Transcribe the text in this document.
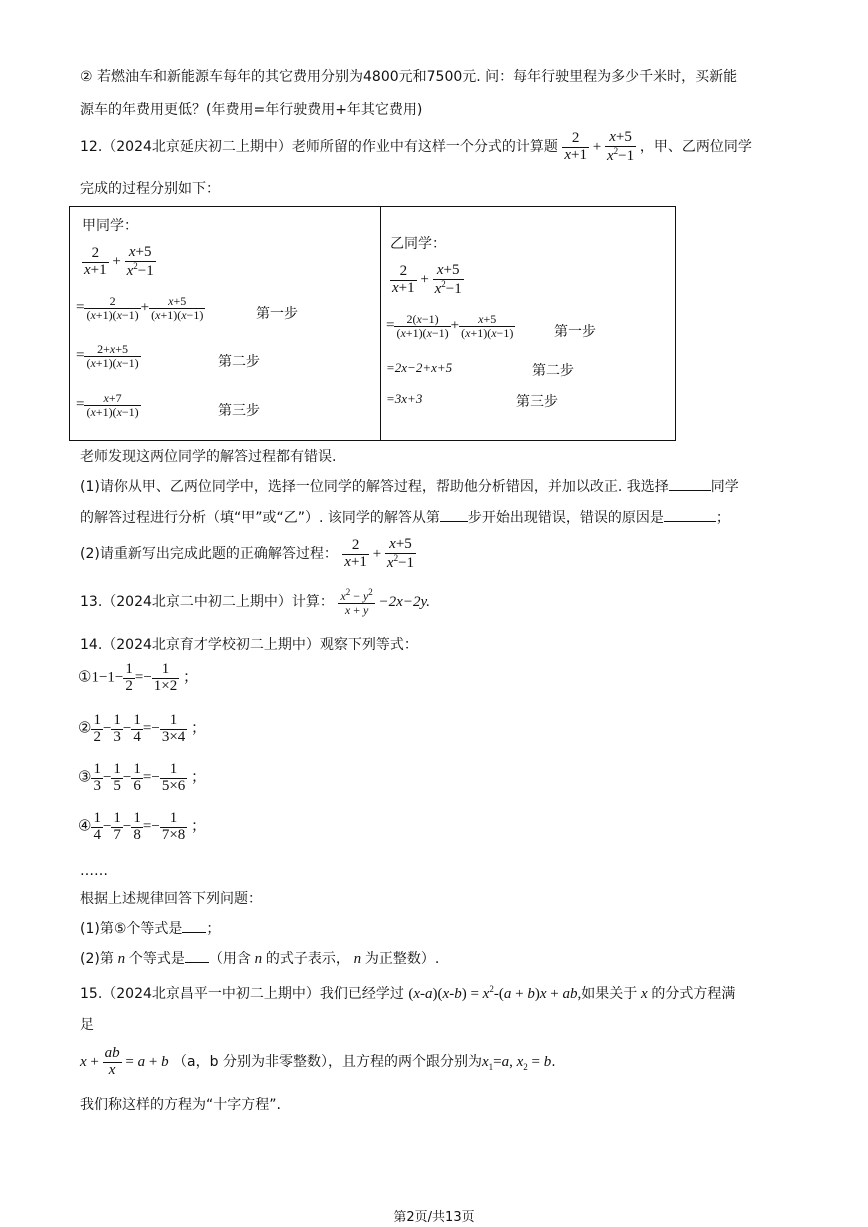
② 若燃油车和新能源车每年的其它费用分别为4800元和7500元. 问：每年行驶里程为多少千米时，买新能
源车的年费用更低？(年费用=年行驶费用+年其它费用)
12.（2024北京延庆初二上期中）老师所留的作业中有这样一个分式的计算题 $\frac{2}{x+1} + \frac{x+5}{x^2-1}$ ，甲、乙两位同学
完成的过程分别如下：
甲同学：
$\frac{2}{x+1} + \frac{x+5}{x^2-1}$
= $\frac{2}{(x+1)(x-1)} + \frac{x+5}{(x+1)(x-1)}$	第一步
= $\frac{2+x+5}{(x+1)(x-1)}$	第二步
= $\frac{x+7}{(x+1)(x-1)}$	第三步
乙同学：
$\frac{2}{x+1} + \frac{x+5}{x^2-1}$
= $\frac{2(x-1)}{(x+1)(x-1)} + \frac{x+5}{(x+1)(x-1)}$	第一步
=2x−2+x+5	第二步
=3x+3	第三步
老师发现这两位同学的解答过程都有错误.
(1)请你从甲、乙两位同学中，选择一位同学的解答过程，帮助他分析错因，并加以改正. 我选择	同学
的解答过程进行分析（填“甲”或“乙”）. 该同学的解答从第 步开始出现错误，错误的原因是	；
(2)请重新写出完成此题的正确解答过程： $\frac{2}{x+1} + \frac{x+5}{x^2-1}$
13.（2024北京二中初二上期中）计算： $\frac{x^2 - y^2}{x + y} -2x-2y$.
14.（2024北京育才学校初二上期中）观察下列等式：
①1−1− $\frac{1}{2} =- \frac{1}{1\times 2}$ ；
② $\frac{1}{2} - \frac{1}{3} - \frac{1}{4} =- \frac{1}{3\times 4}$ ；
③ $\frac{1}{3} - \frac{1}{5} - \frac{1}{6} =- \frac{1}{5\times 6}$ ；
④ $\frac{1}{4} - \frac{1}{7} - \frac{1}{8} =- \frac{1}{7\times 8}$ ；
……
根据上述规律回答下列问题：
(1)第⑤个等式是 ；
(2)第 n 个等式是 （用含 n 的式子表示， n 为正整数）.
15.（2024北京昌平一中初二上期中）我们已经学过 $(x-a)(x-b) = x^2-(a + b)x$ + ab,如果关于 x 的分式方程满
足
$x + \frac{ab}{x} = a + b$ （a，b 分别为非零整数），且方程的两个跟分别为$x_1=a$, $x_2 = b$.
我们称这样的方程为“十字方程”.
第2页/共13页
